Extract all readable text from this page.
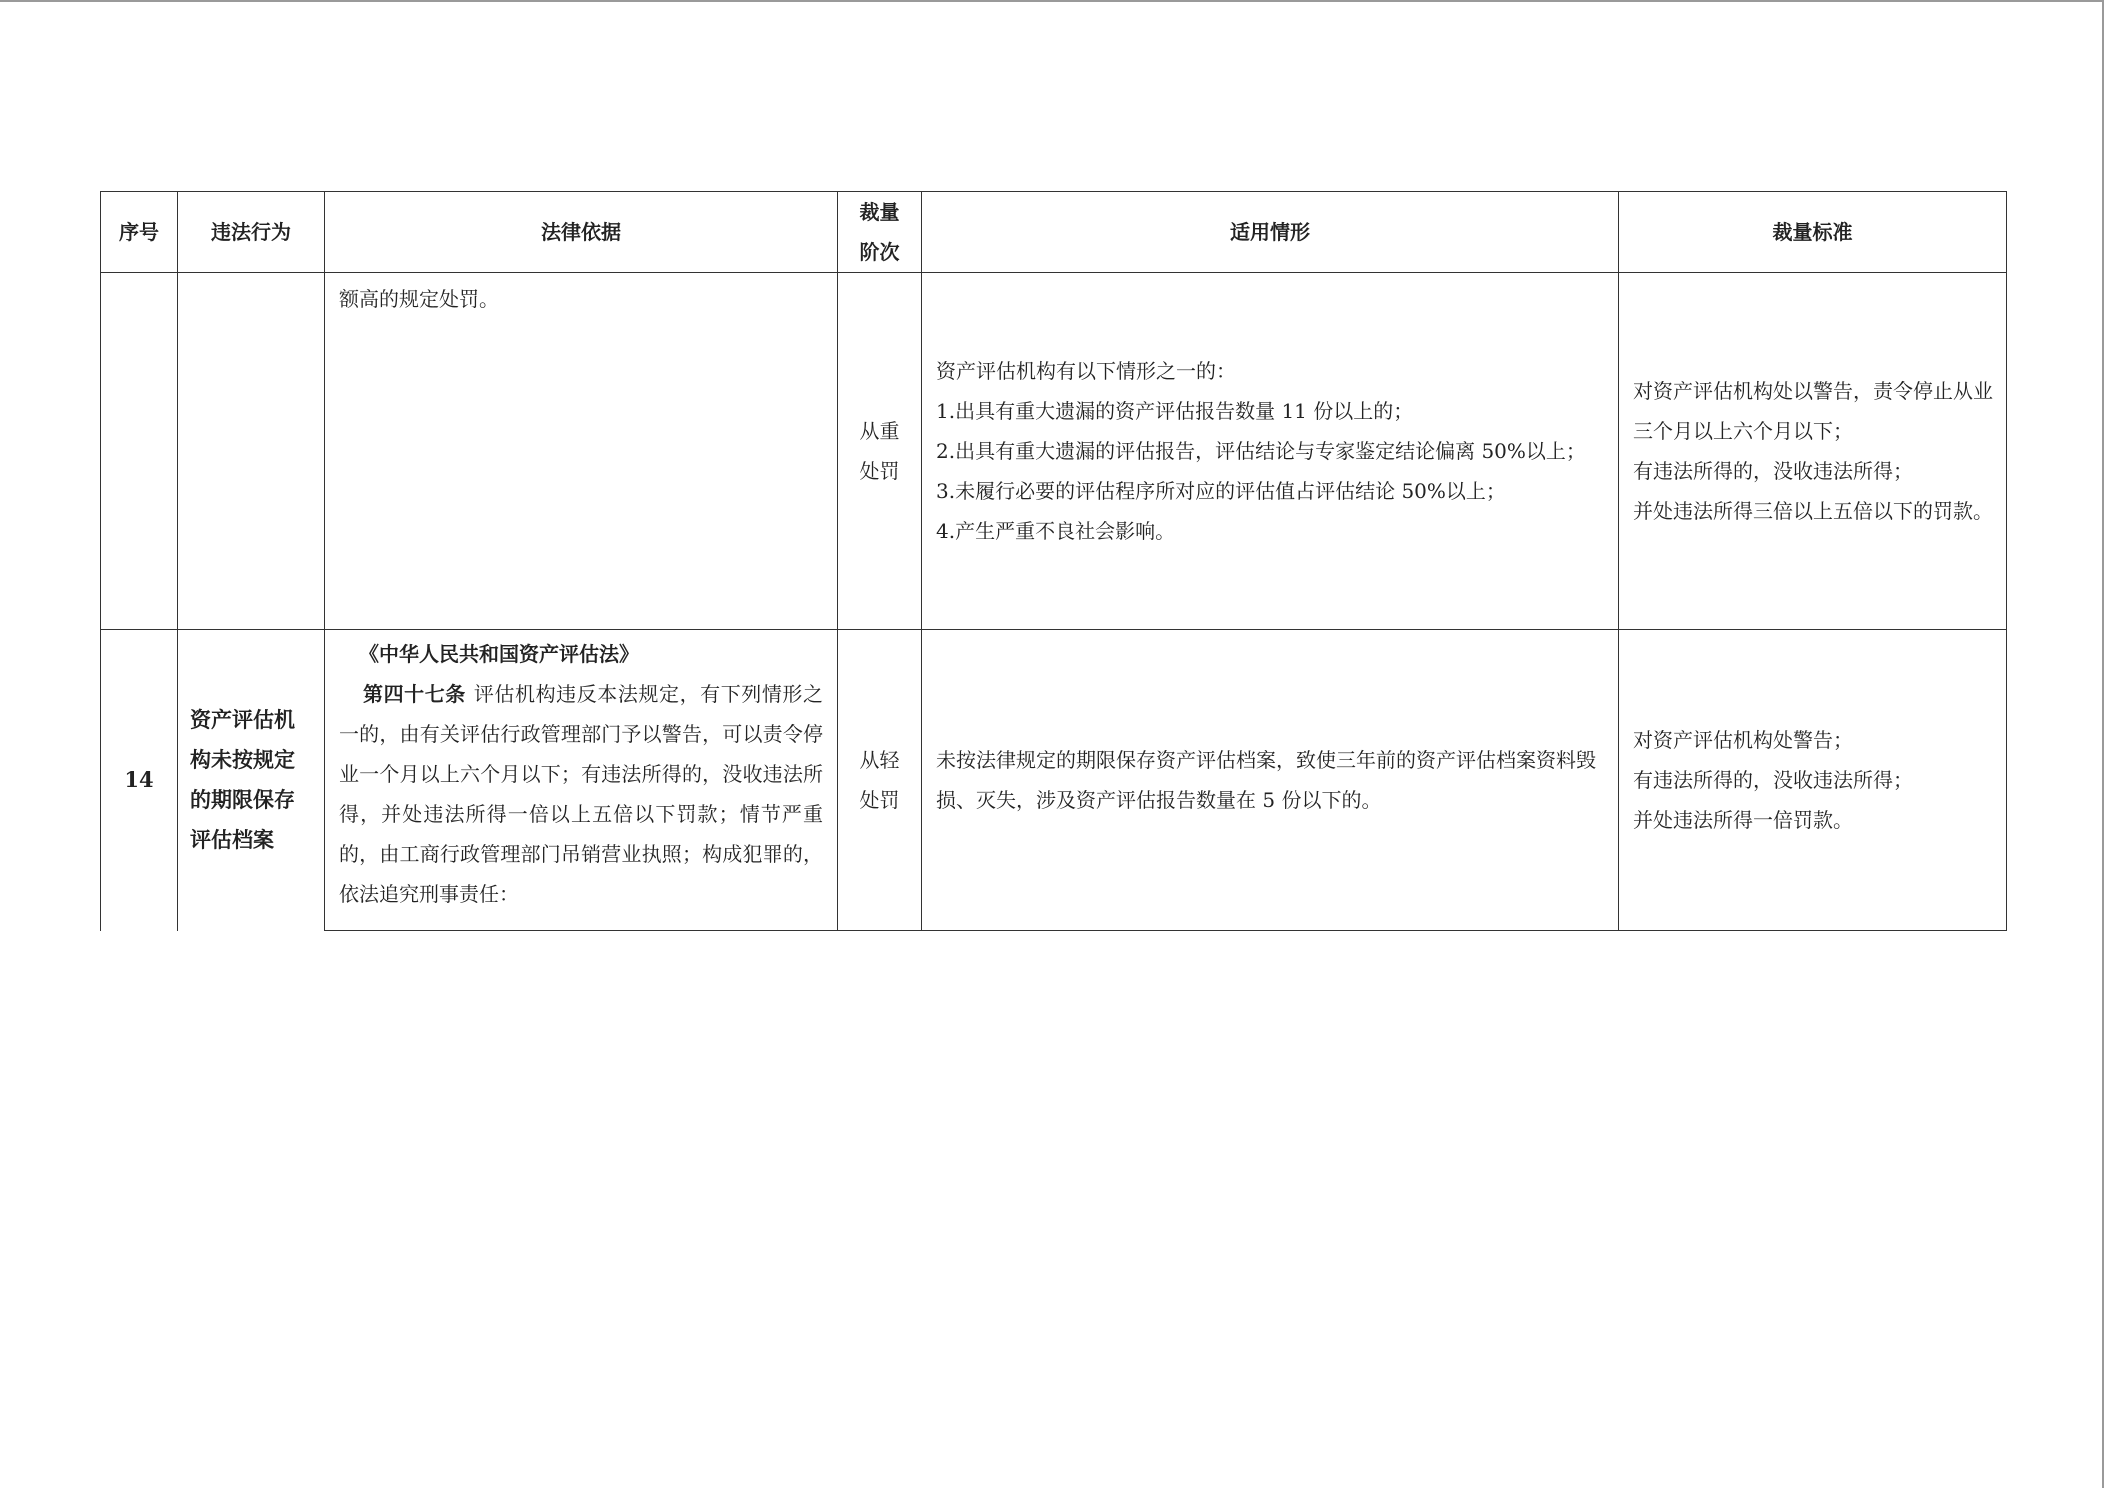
序号	违法行为	法律依据	裁量阶次	适用情形	裁量标准
		额高的规定处罚。	从重处罚	资产评估机构有以下情形之一的：
1.出具有重大遗漏的资产评估报告数量 11 份以上的；
2.出具有重大遗漏的评估报告，评估结论与专家鉴定结论偏离 50%以上；
3.未履行必要的评估程序所对应的评估值占评估结论 50%以上；
4.产生严重不良社会影响。	对资产评估机构处以警告，责令停止从业三个月以上六个月以下；
有违法所得的，没收违法所得；
并处违法所得三倍以上五倍以下的罚款。

14	资产评估机构未按规定的期限保存评估档案	《中华人民共和国资产评估法》
第四十七条 评估机构违反本法规定，有下列情形之一的，由有关评估行政管理部门予以警告，可以责令停业一个月以上六个月以下；有违法所得的，没收违法所得，并处违法所得一倍以上五倍以下罚款；情节严重的，由工商行政管理部门吊销营业执照；构成犯罪的，依法追究刑事责任：	从轻处罚	未按法律规定的期限保存资产评估档案，致使三年前的资产评估档案资料毁损、灭失，涉及资产评估报告数量在 5 份以下的。	对资产评估机构处警告；
有违法所得的，没收违法所得；
并处违法所得一倍罚款。
